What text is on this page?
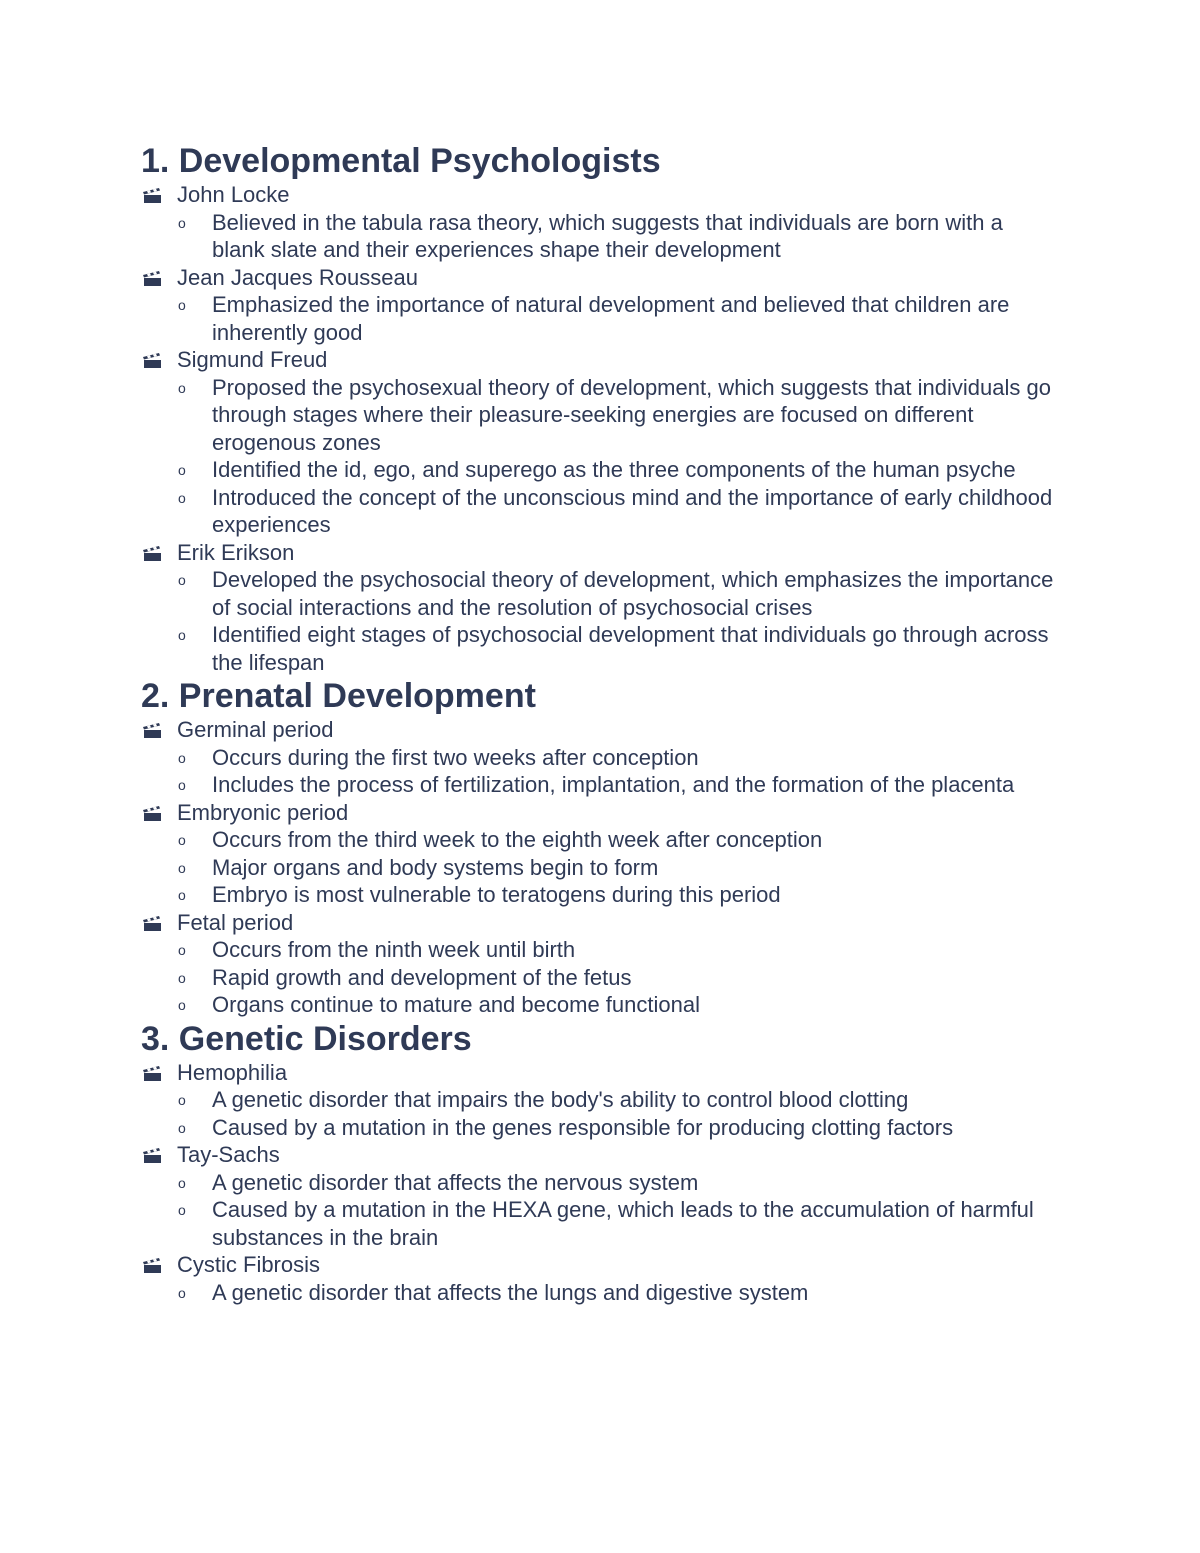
1. Developmental Psychologists
John Locke
o Believed in the tabula rasa theory, which suggests that individuals are born with a blank slate and their experiences shape their development
Jean Jacques Rousseau
o Emphasized the importance of natural development and believed that children are inherently good
Sigmund Freud
o Proposed the psychosexual theory of development, which suggests that individuals go through stages where their pleasure-seeking energies are focused on different erogenous zones
o Identified the id, ego, and superego as the three components of the human psyche
o Introduced the concept of the unconscious mind and the importance of early childhood experiences
Erik Erikson
o Developed the psychosocial theory of development, which emphasizes the importance of social interactions and the resolution of psychosocial crises
o Identified eight stages of psychosocial development that individuals go through across the lifespan
2. Prenatal Development
Germinal period
o Occurs during the first two weeks after conception
o Includes the process of fertilization, implantation, and the formation of the placenta
Embryonic period
o Occurs from the third week to the eighth week after conception
o Major organs and body systems begin to form
o Embryo is most vulnerable to teratogens during this period
Fetal period
o Occurs from the ninth week until birth
o Rapid growth and development of the fetus
o Organs continue to mature and become functional
3. Genetic Disorders
Hemophilia
o A genetic disorder that impairs the body's ability to control blood clotting
o Caused by a mutation in the genes responsible for producing clotting factors
Tay-Sachs
o A genetic disorder that affects the nervous system
o Caused by a mutation in the HEXA gene, which leads to the accumulation of harmful substances in the brain
Cystic Fibrosis
o A genetic disorder that affects the lungs and digestive system
